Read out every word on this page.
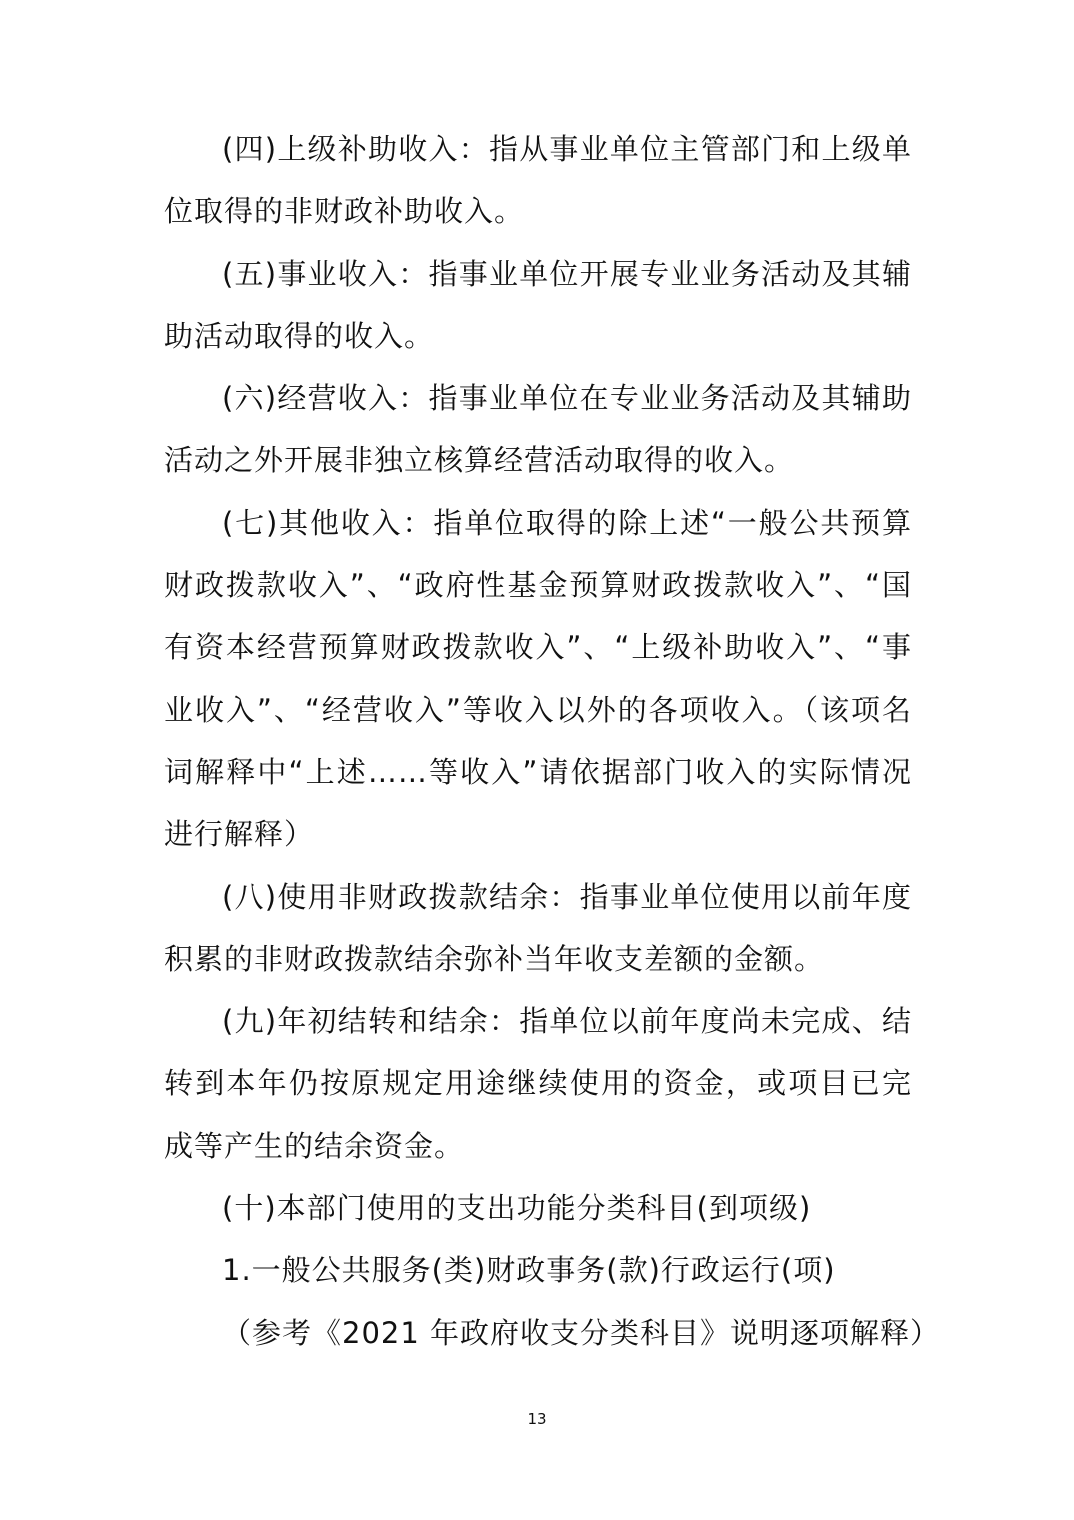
(四)上级补助收入：指从事业单位主管部门和上级单位取得的非财政补助收入。

(五)事业收入：指事业单位开展专业业务活动及其辅助活动取得的收入。

(六)经营收入：指事业单位在专业业务活动及其辅助活动之外开展非独立核算经营活动取得的收入。

(七)其他收入：指单位取得的除上述“一般公共预算财政拨款收入”、“政府性基金预算财政拨款收入”、“国有资本经营预算财政拨款收入”、“上级补助收入”、“事业收入”、“经营收入”等收入以外的各项收入。（该项名词解释中“上述……等收入”请依据部门收入的实际情况进行解释）

(八)使用非财政拨款结余：指事业单位使用以前年度积累的非财政拨款结余弥补当年收支差额的金额。

(九)年初结转和结余：指单位以前年度尚未完成、结转到本年仍按原规定用途继续使用的资金，或项目已完成等产生的结余资金。

(十)本部门使用的支出功能分类科目(到项级)

1.一般公共服务(类)财政事务(款)行政运行(项)

（参考《2021 年政府收支分类科目》说明逐项解释）

13
